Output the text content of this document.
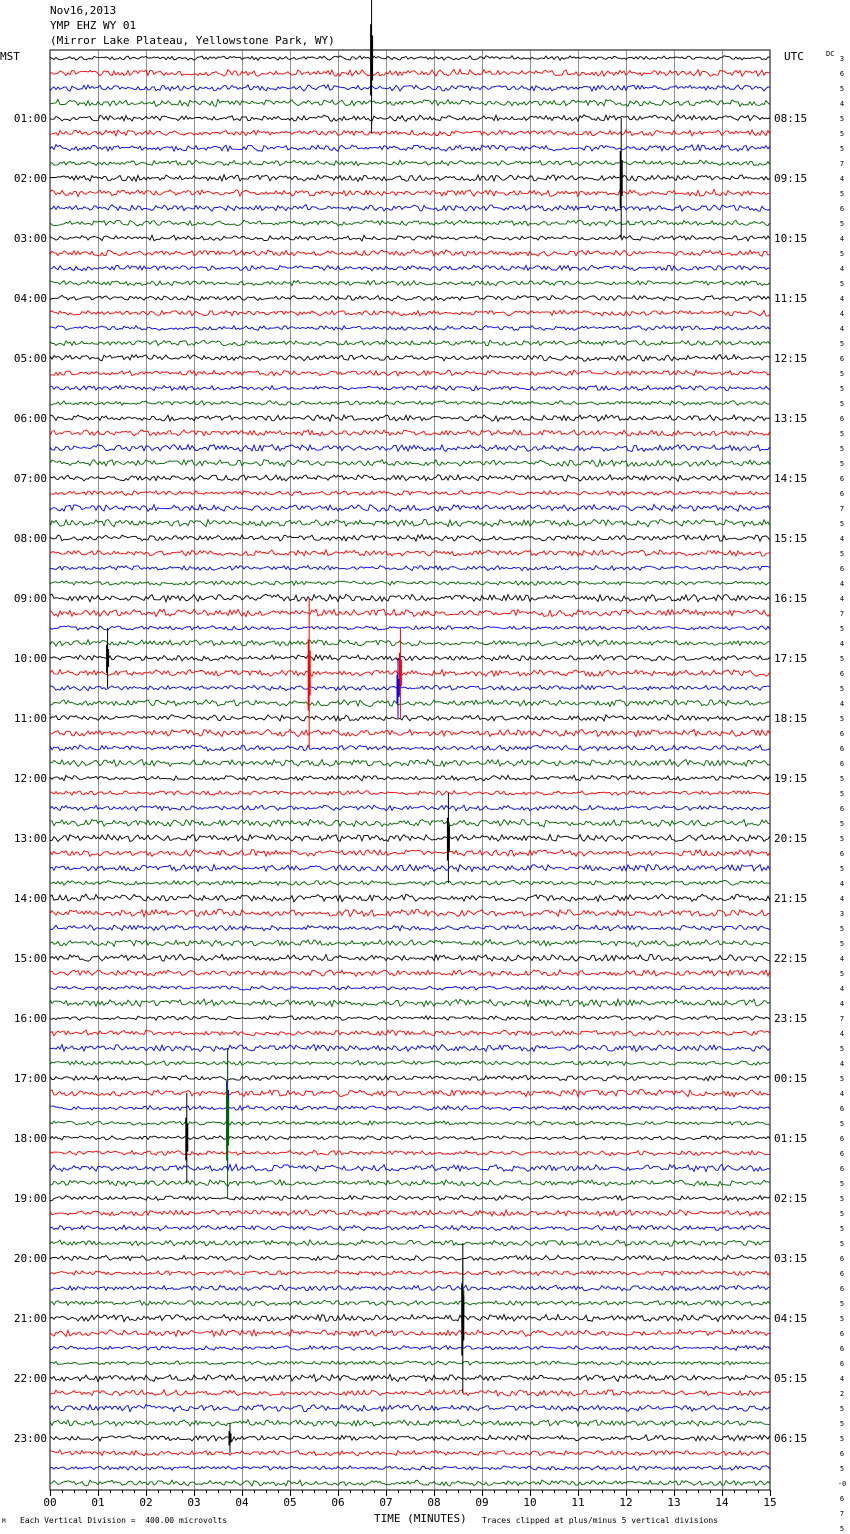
Nov16,2013
YMP EHZ WY 01
(Mirror Lake Plateau, Yellowstone Park, WY)
MST	UTC	DC
01:00
02:00
03:00
04:00
05:00
06:00
07:00
08:00
09:00
10:00
11:00
12:00
13:00
14:00
15:00
16:00
17:00
18:00
19:00
20:00
21:00
22:00
23:00
08:15
09:15
10:15
11:15
12:15
13:15
14:15
15:15
16:15
17:15
18:15
19:15
20:15
21:15
22:15
23:15
00:15
01:15
02:15
03:15
04:15
05:15
06:15
3
6
5
4
5
5
5
7
4
5
6
5
4
5
4
5
4
4
4
5
6
5
5
5
6
5
5
5
6
6
7
5
4
5
6
4
4
7
5
4
5
6
5
4
5
6
6
6
5
5
6
5
5
6
5
4
4
3
5
5
4
5
4
4
7
4
5
4
5
4
6
5
6
6
6
5
5
5
5
5
6
6
6
5
5
6
6
6
4
2
5
5
5
6
5
-0
6
7
5
00	01	02	03	04	05	06	07	08	09	10	11	12	13	14	15
M Each Vertical Division =  400.00 microvolts	TIME (MINUTES) Traces clipped at plus/minus 5 vertical divisions
